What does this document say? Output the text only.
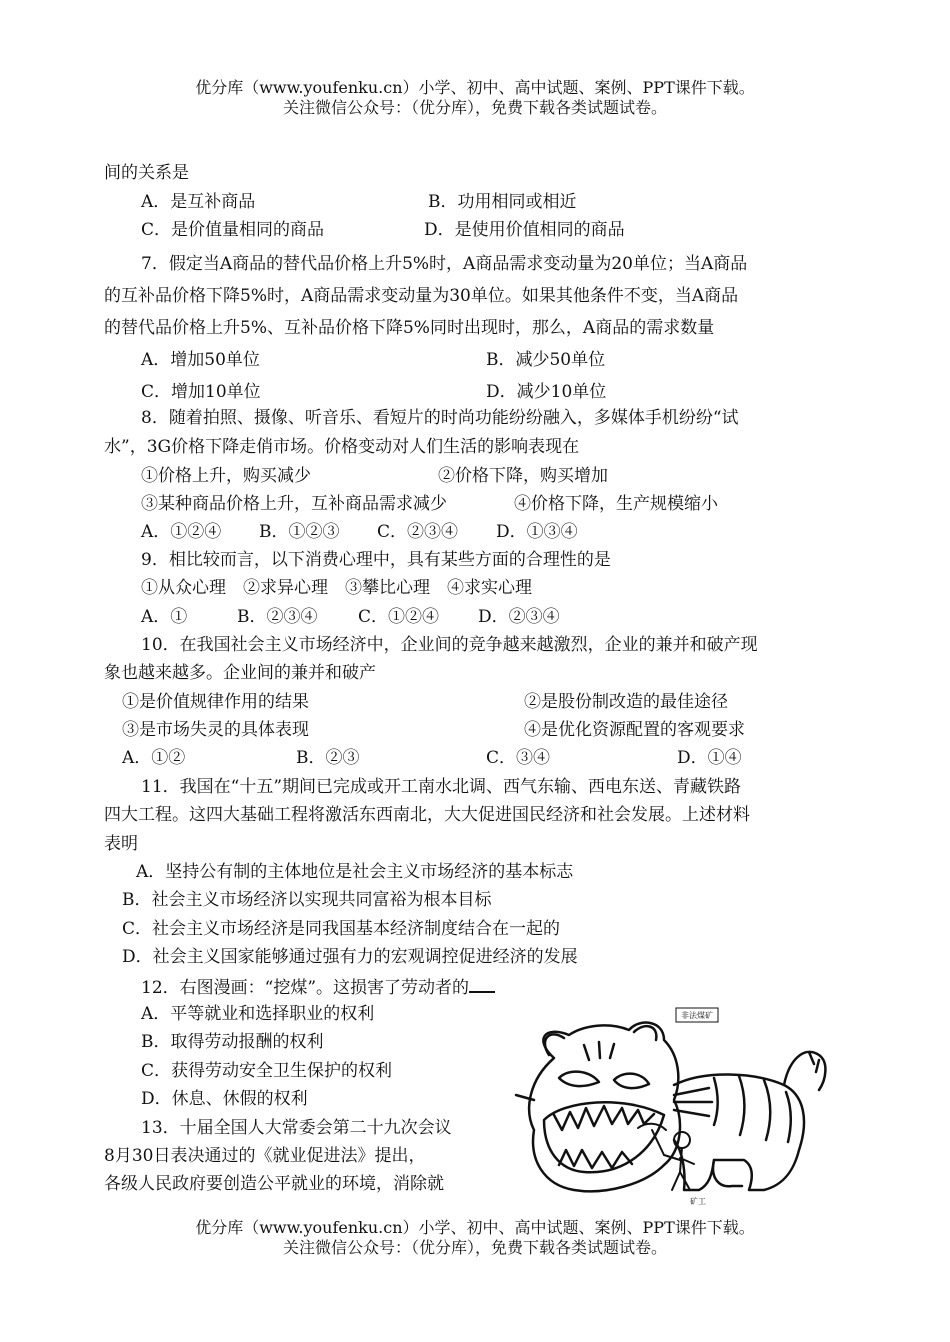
优分库（www.youfenku.cn）小学、初中、高中试题、案例、PPT课件下载。
关注微信公众号：（优分库），免费下载各类试题试卷。
间的关系是
A．是互补商品	B．功用相同或相近
C．是价值量相同的商品	D．是使用价值相同的商品
7．假定当A商品的替代品价格上升5%时，A商品需求变动量为20单位；当A商品
的互补品价格下降5%时，A商品需求变动量为30单位。如果其他条件不变，当A商品
的替代品价格上升5%、互补品价格下降5%同时出现时，那么，A商品的需求数量
A．增加50单位	B．减少50单位
C．增加10单位	D．减少10单位
8．随着拍照、摄像、听音乐、看短片的时尚功能纷纷融入，多媒体手机纷纷“试
水”，3G价格下降走俏市场。价格变动对人们生活的影响表现在
①价格上升，购买减少	②价格下降，购买增加
③某种商品价格上升，互补商品需求减少	④价格下降，生产规模缩小
A．①②④ B．①②③ C．②③④ D．①③④
9．相比较而言，以下消费心理中，具有某些方面的合理性的是
①从众心理　②求异心理　③攀比心理　④求实心理
A．①	B．②③④ C．①②④ D．②③④
10．在我国社会主义市场经济中，企业间的竞争越来越激烈，企业的兼并和破产现
象也越来越多。企业间的兼并和破产
①是价值规律作用的结果	②是股份制改造的最佳途径
③是市场失灵的具体表现	④是优化资源配置的客观要求
A．①②	B．②③	C．③④	D．①④
11．我国在“十五”期间已完成或开工南水北调、西气东输、西电东送、青藏铁路
四大工程。这四大基础工程将激活东西南北，大大促进国民经济和社会发展。上述材料
表明
A．坚持公有制的主体地位是社会主义市场经济的基本标志
B．社会主义市场经济以实现共同富裕为根本目标
C．社会主义市场经济是同我国基本经济制度结合在一起的
D．社会主义国家能够通过强有力的宏观调控促进经济的发展
12．右图漫画：“挖煤”。这损害了劳动者的
A．平等就业和选择职业的权利
B．取得劳动报酬的权利
C．获得劳动安全卫生保护的权利
D．休息、休假的权利
13．十届全国人大常委会第二十九次会议
8月30日表决通过的《就业促进法》提出，
各级人民政府要创造公平就业的环境，消除就
非法煤矿
矿工
优分库（www.youfenku.cn）小学、初中、高中试题、案例、PPT课件下载。
关注微信公众号：（优分库），免费下载各类试题试卷。
